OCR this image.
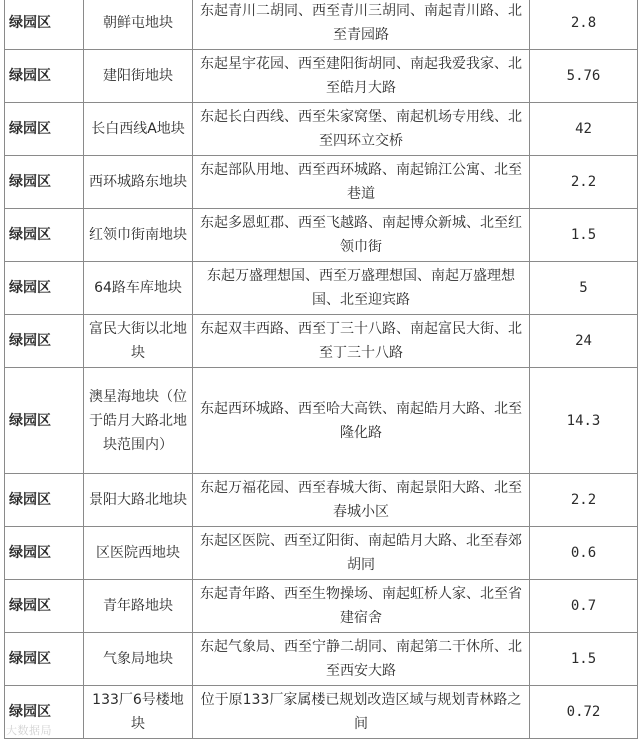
绿园区	朝鲜屯地块	东起青川二胡同、西至青川三胡同、南起青川路、北至青园路	2.8
绿园区	建阳街地块	东起星宇花园、西至建阳街胡同、南起我爱我家、北至皓月大路	5.76
绿园区	长白西线A地块	东起长白西线、西至朱家窝堡、南起机场专用线、北至四环立交桥	42
绿园区	西环城路东地块	东起部队用地、西至西环城路、南起锦江公寓、北至巷道	2.2
绿园区	红领巾街南地块	东起多恩虹郡、西至飞越路、南起博众新城、北至红领巾街	1.5
绿园区	64路车库地块	东起万盛理想国、西至万盛理想国、南起万盛理想国、北至迎宾路	5
绿园区	富民大街以北地块	东起双丰西路、西至丁三十八路、南起富民大街、北至丁三十八路	24
绿园区	澳星海地块（位于皓月大路北地块范围内）	东起西环城路、西至哈大高铁、南起皓月大路、北至隆化路	14.3
绿园区	景阳大路北地块	东起万福花园、西至春城大街、南起景阳大路、北至春城小区	2.2
绿园区	区医院西地块	东起区医院、西至辽阳街、南起皓月大路、北至春郊胡同	0.6
绿园区	青年路地块	东起青年路、西至生物操场、南起虹桥人家、北至省建宿舍	0.7
绿园区	气象局地块	东起气象局、西至宁静二胡同、南起第二干休所、北至西安大路	1.5
绿园区	133厂6号楼地块	位于原133厂家属楼已规划改造区域与规划青林路之间	0.72
大数据局
